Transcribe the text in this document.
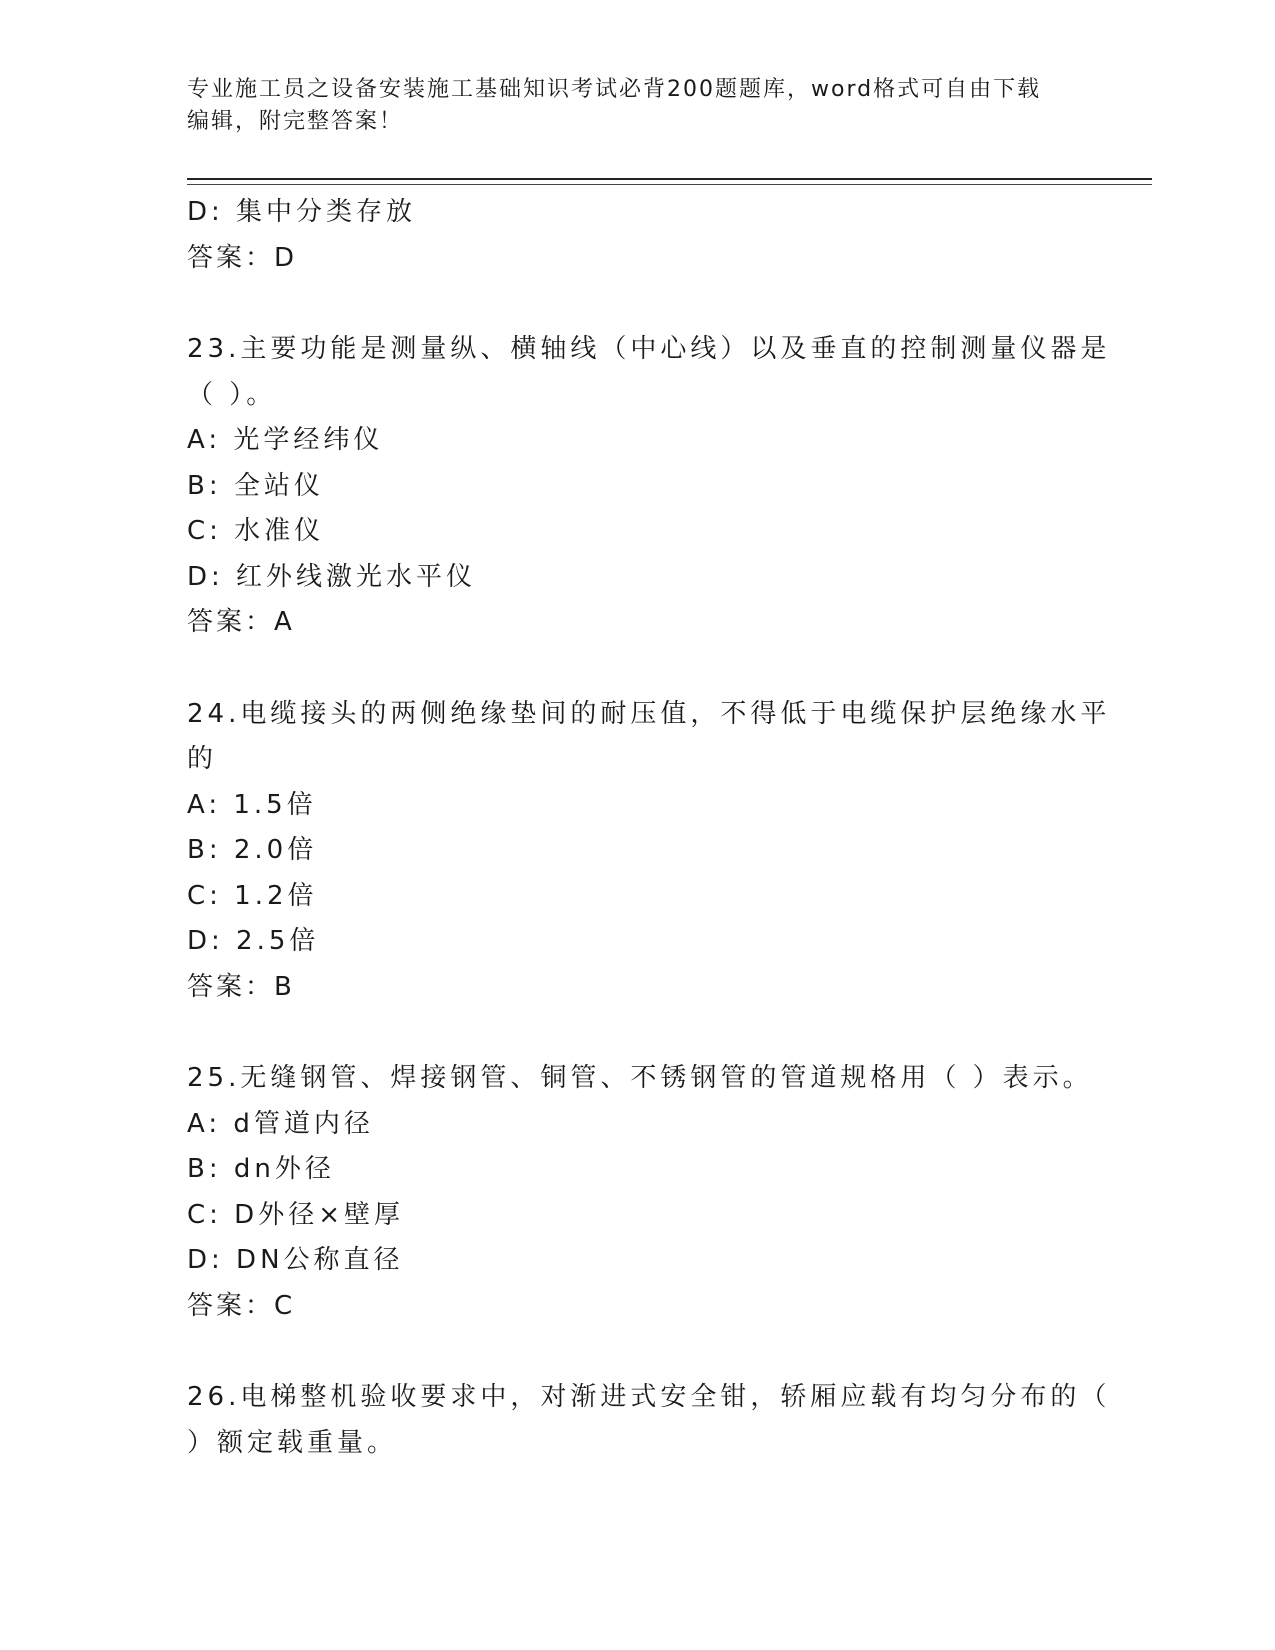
专业施工员之设备安装施工基础知识考试必背200题题库，word格式可自由下载
编辑，附完整答案！
D: 集中分类存放
答案：D
23.主要功能是测量纵、横轴线（中心线）以及垂直的控制测量仪器是
（ ）。
A: 光学经纬仪
B: 全站仪
C: 水准仪
D: 红外线激光水平仪
答案：A
24.电缆接头的两侧绝缘垫间的耐压值，不得低于电缆保护层绝缘水平
的
A: 1.5倍
B: 2.0倍
C: 1.2倍
D: 2.5倍
答案：B
25.无缝钢管、焊接钢管、铜管、不锈钢管的管道规格用（ ）表示。
A: d管道内径
B: dn外径
C: D外径×壁厚
D: DN公称直径
答案：C
26.电梯整机验收要求中，对渐进式安全钳，轿厢应载有均匀分布的（
）额定载重量。
